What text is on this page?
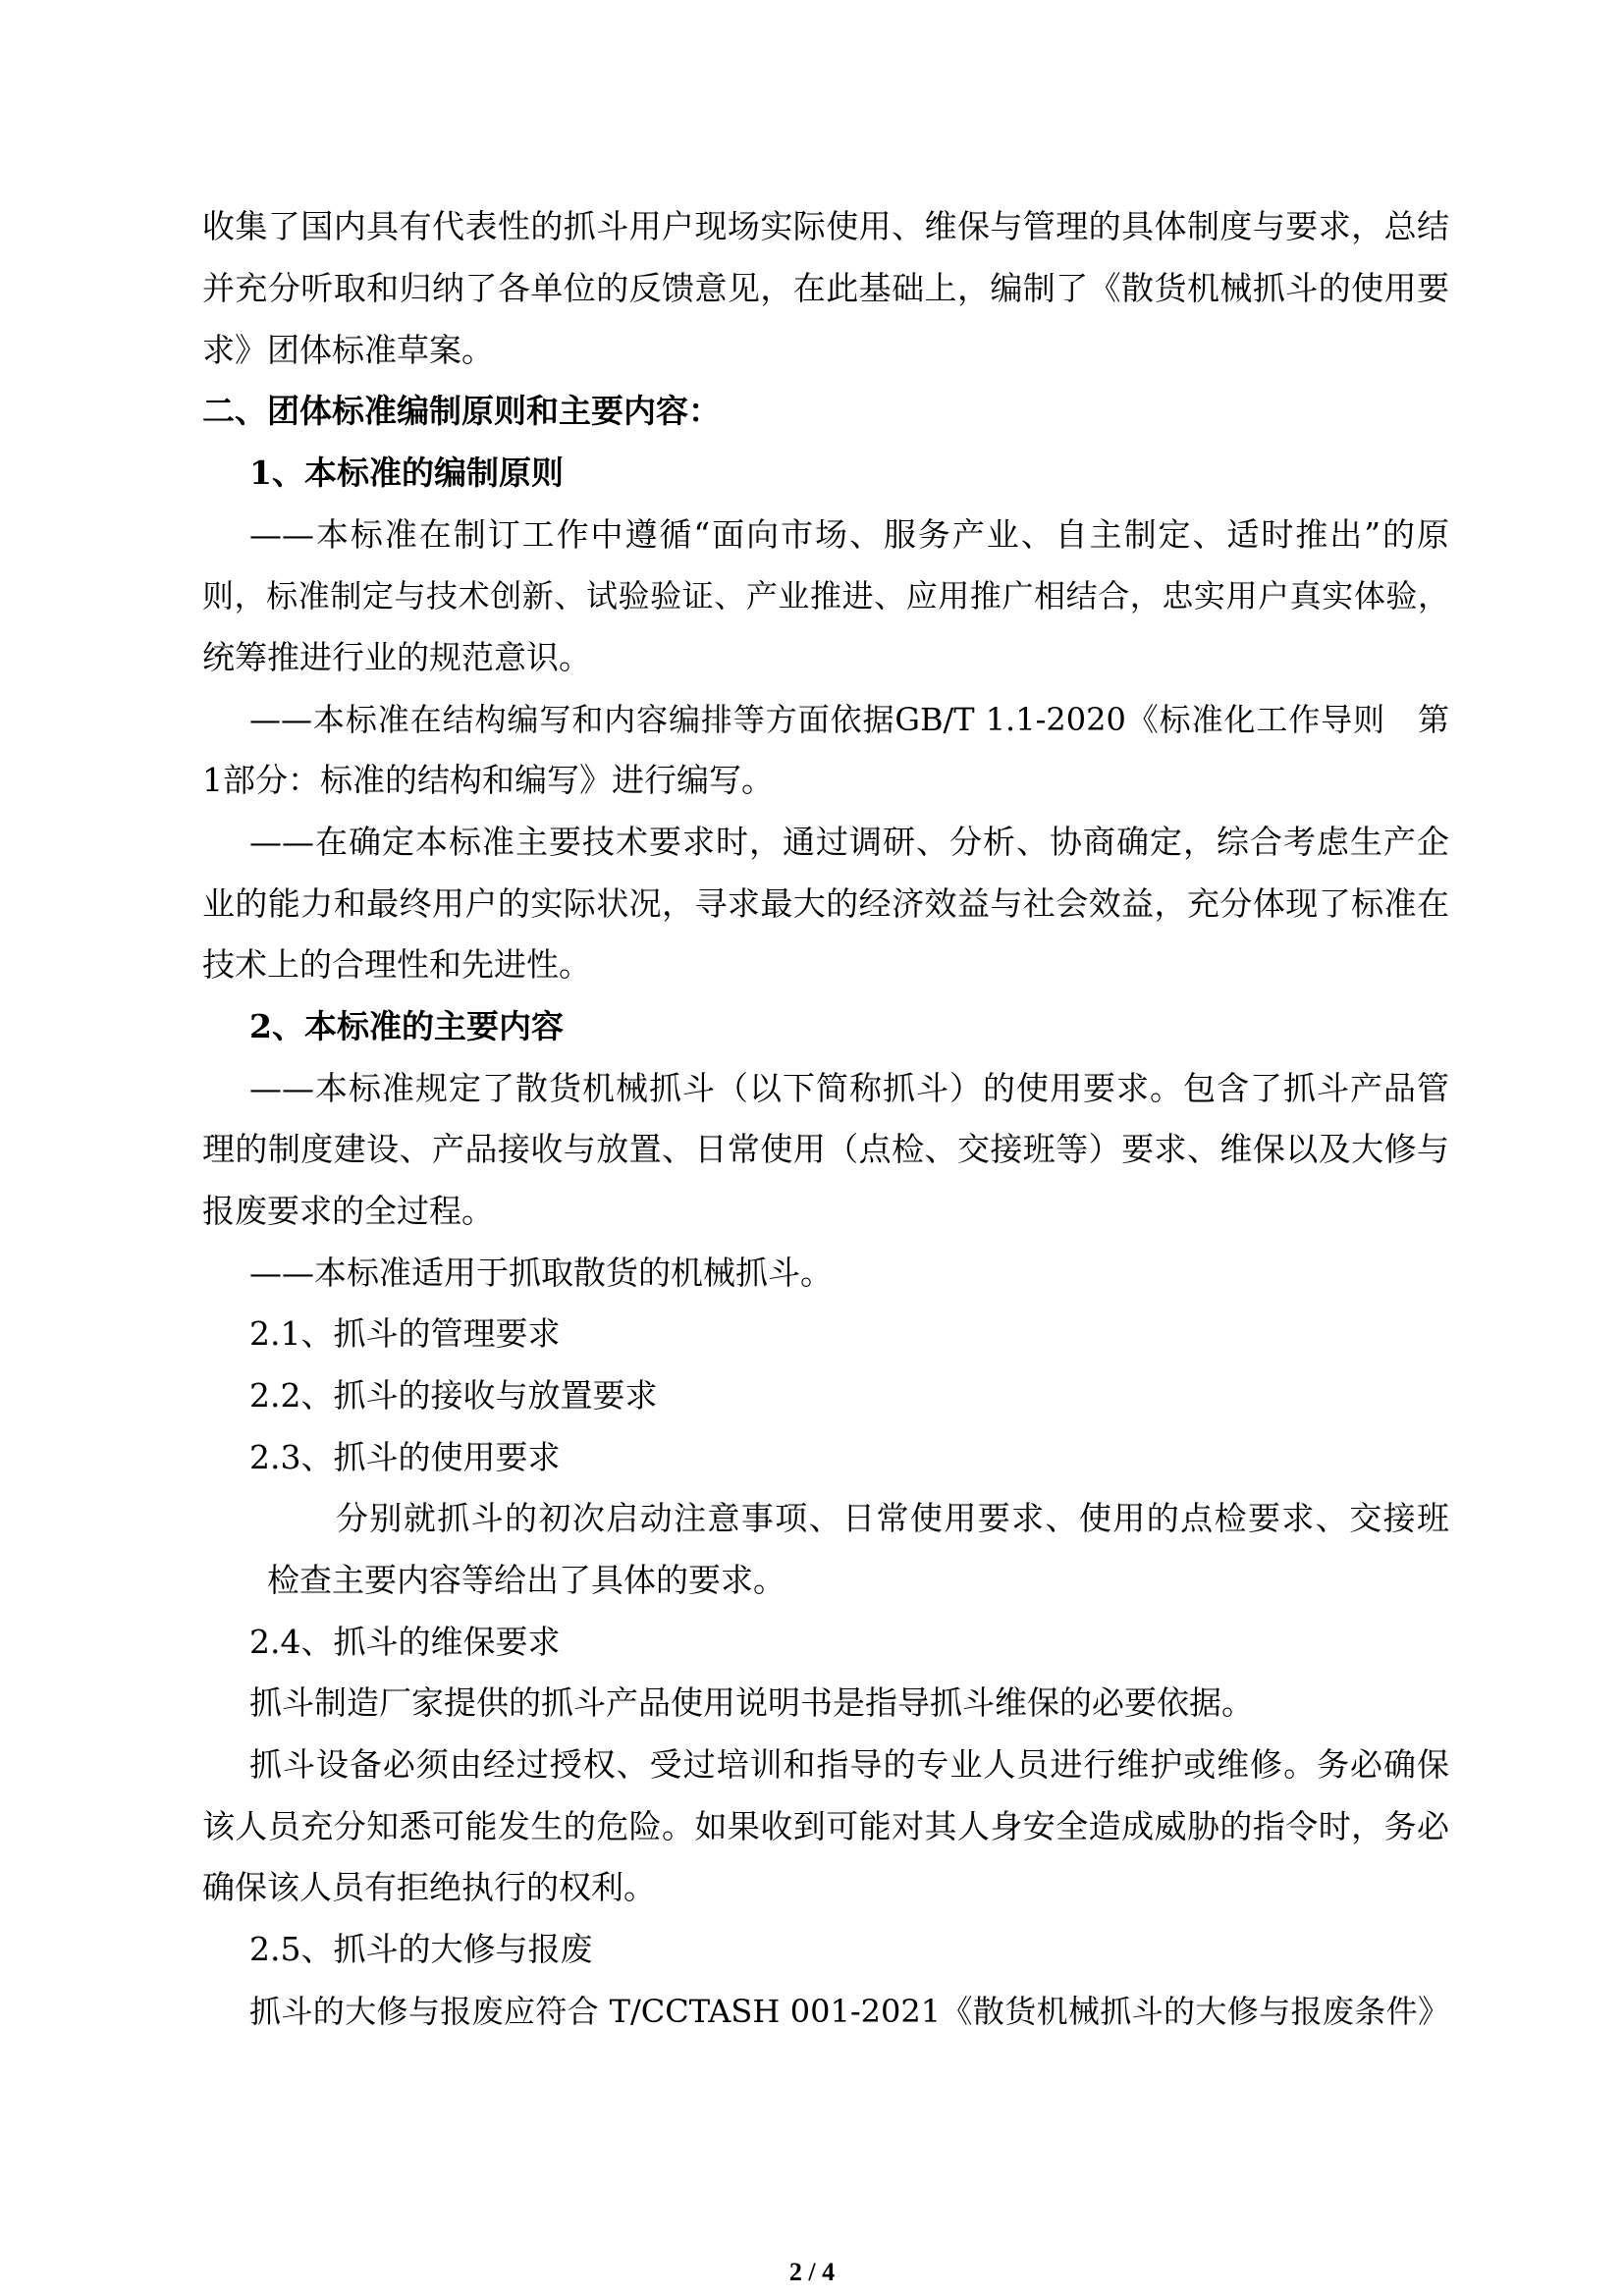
收集了国内具有代表性的抓斗用户现场实际使用、维保与管理的具体制度与要求，总结

并充分听取和归纳了各单位的反馈意见，在此基础上，编制了《散货机械抓斗的使用要

求》团体标准草案。

二、团体标准编制原则和主要内容：

1、本标准的编制原则

——本标准在制订工作中遵循“面向市场、服务产业、自主制定、适时推出”的原

则，标准制定与技术创新、试验验证、产业推进、应用推广相结合，忠实用户真实体验，

统筹推进行业的规范意识。

——本标准在结构编写和内容编排等方面依据GB/T 1.1-2020《标准化工作导则　第

1部分：标准的结构和编写》进行编写。

——在确定本标准主要技术要求时，通过调研、分析、协商确定，综合考虑生产企

业的能力和最终用户的实际状况，寻求最大的经济效益与社会效益，充分体现了标准在

技术上的合理性和先进性。

2、本标准的主要内容

——本标准规定了散货机械抓斗（以下简称抓斗）的使用要求。包含了抓斗产品管

理的制度建设、产品接收与放置、日常使用（点检、交接班等）要求、维保以及大修与

报废要求的全过程。

——本标准适用于抓取散货的机械抓斗。

2.1、抓斗的管理要求

2.2、抓斗的接收与放置要求

2.3、抓斗的使用要求

分别就抓斗的初次启动注意事项、日常使用要求、使用的点检要求、交接班

检查主要内容等给出了具体的要求。

2.4、抓斗的维保要求

抓斗制造厂家提供的抓斗产品使用说明书是指导抓斗维保的必要依据。

抓斗设备必须由经过授权、受过培训和指导的专业人员进行维护或维修。务必确保

该人员充分知悉可能发生的危险。如果收到可能对其人身安全造成威胁的指令时，务必

确保该人员有拒绝执行的权利。

2.5、抓斗的大修与报废

抓斗的大修与报废应符合 T/CCTASH 001-2021《散货机械抓斗的大修与报废条件》

2 / 4
